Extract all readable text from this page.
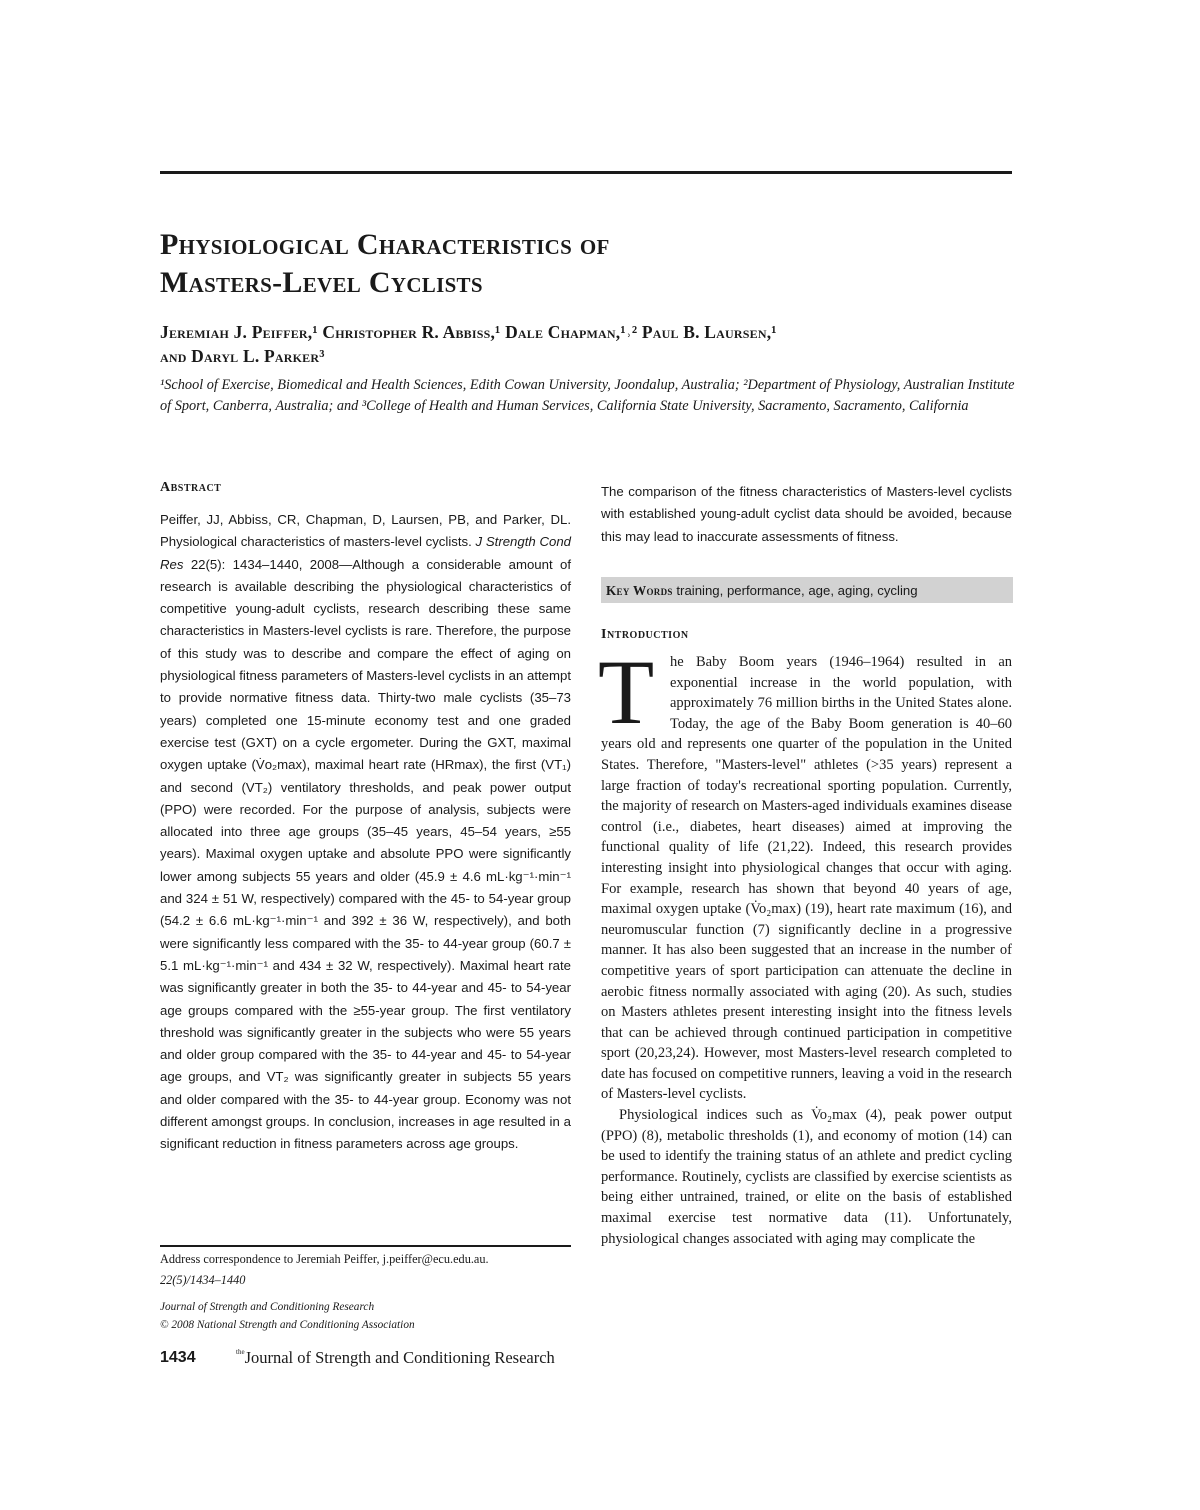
Physiological Characteristics of
Masters-Level Cyclists
Jeremiah J. Peiffer,¹ Christopher R. Abbiss,¹ Dale Chapman,¹˒² Paul B. Laursen,¹
and Daryl L. Parker³
¹School of Exercise, Biomedical and Health Sciences, Edith Cowan University, Joondalup, Australia; ²Department of Physiology, Australian Institute of Sport, Canberra, Australia; and ³College of Health and Human Services, California State University, Sacramento, Sacramento, California
Abstract
Peiffer, JJ, Abbiss, CR, Chapman, D, Laursen, PB, and Parker, DL. Physiological characteristics of masters-level cyclists. J Strength Cond Res 22(5): 1434–1440, 2008—Although a considerable amount of research is available describing the physiological characteristics of competitive young-adult cyclists, research describing these same characteristics in Masters-level cyclists is rare. Therefore, the purpose of this study was to describe and compare the effect of aging on physiological fitness parameters of Masters-level cyclists in an attempt to provide normative fitness data. Thirty-two male cyclists (35–73 years) completed one 15-minute economy test and one graded exercise test (GXT) on a cycle ergometer. During the GXT, maximal oxygen uptake (V̇o₂max), maximal heart rate (HRmax), the first (VT₁) and second (VT₂) ventilatory thresholds, and peak power output (PPO) were recorded. For the purpose of analysis, subjects were allocated into three age groups (35–45 years, 45–54 years, ≥55 years). Maximal oxygen uptake and absolute PPO were significantly lower among subjects 55 years and older (45.9 ± 4.6 mL·kg⁻¹·min⁻¹ and 324 ± 51 W, respectively) compared with the 45- to 54-year group (54.2 ± 6.6 mL·kg⁻¹·min⁻¹ and 392 ± 36 W, respectively), and both were significantly less compared with the 35- to 44-year group (60.7 ± 5.1 mL·kg⁻¹·min⁻¹ and 434 ± 32 W, respectively). Maximal heart rate was significantly greater in both the 35- to 44-year and 45- to 54-year age groups compared with the ≥55-year group. The first ventilatory threshold was significantly greater in the subjects who were 55 years and older group compared with the 35- to 44-year and 45- to 54-year age groups, and VT₂ was significantly greater in subjects 55 years and older compared with the 35- to 44-year group. Economy was not different amongst groups. In conclusion, increases in age resulted in a significant reduction in fitness parameters across age groups.
Address correspondence to Jeremiah Peiffer, j.peiffer@ecu.edu.au.
22(5)/1434–1440
Journal of Strength and Conditioning Research
© 2008 National Strength and Conditioning Association
1434	$^{the}$Journal of Strength and Conditioning Research
The comparison of the fitness characteristics of Masters-level cyclists with established young-adult cyclist data should be avoided, because this may lead to inaccurate assessments of fitness.
Key Words training, performance, age, aging, cycling
Introduction
T	he Baby Boom years (1946–1964) resulted in an exponential increase in the world population, with approximately 76 million births in the United States alone. Today, the age of the Baby Boom generation is 40–60 years old and represents one quarter of the population in the United States. Therefore, "Masters-level" athletes (>35 years) represent a large fraction of today's recreational sporting population. Currently, the majority of research on Masters-aged individuals examines disease control (i.e., diabetes, heart diseases) aimed at improving the functional quality of life (21,22). Indeed, this research provides interesting insight into physiological changes that occur with aging. For example, research has shown that beyond 40 years of age, maximal oxygen uptake (V̇o₂max) (19), heart rate maximum (16), and neuromuscular function (7) significantly decline in a progressive manner. It has also been suggested that an increase in the number of competitive years of sport participation can attenuate the decline in aerobic fitness normally associated with aging (20). As such, studies on Masters athletes present interesting insight into the fitness levels that can be achieved through continued participation in competitive sport (20,23,24). However, most Masters-level research completed to date has focused on competitive runners, leaving a void in the research of Masters-level cyclists.

Physiological indices such as V̇o₂max (4), peak power output (PPO) (8), metabolic thresholds (1), and economy of motion (14) can be used to identify the training status of an athlete and predict cycling performance. Routinely, cyclists are classified by exercise scientists as being either untrained, trained, or elite on the basis of established maximal exercise test normative data (11). Unfortunately, physiological changes associated with aging may complicate the
